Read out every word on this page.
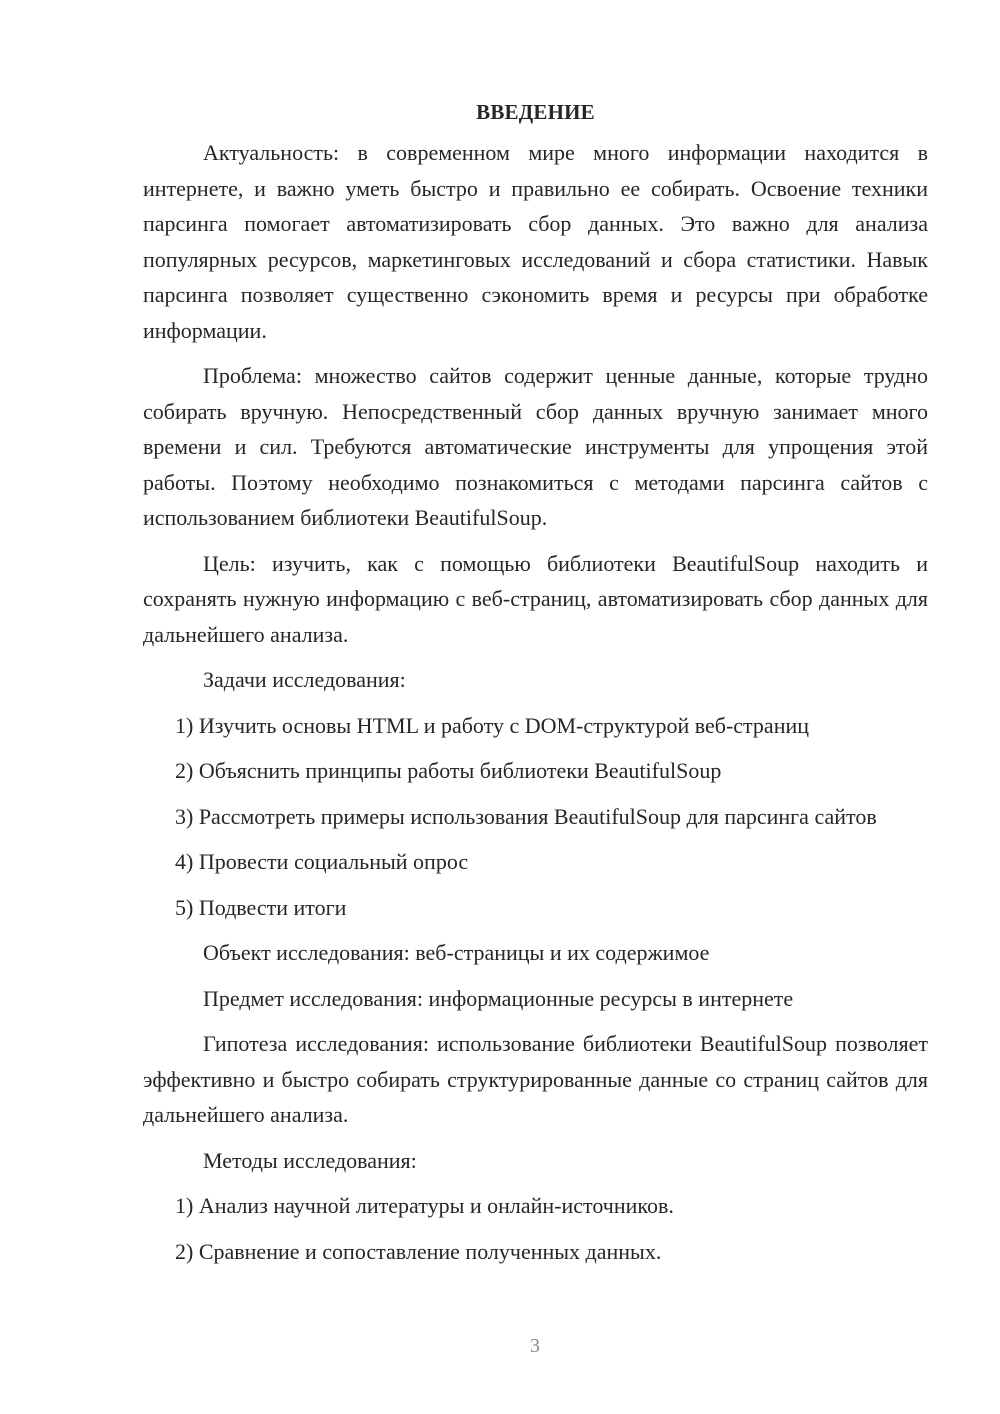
ВВЕДЕНИЕ

Актуальность: в современном мире много информации находится в интернете, и важно уметь быстро и правильно ее собирать. Освоение техники парсинга помогает автоматизировать сбор данных. Это важно для анализа популярных ресурсов, маркетинговых исследований и сбора статистики. Навык парсинга позволяет существенно сэкономить время и ресурсы при обработке информации.

Проблема: множество сайтов содержит ценные данные, которые трудно собирать вручную. Непосредственный сбор данных вручную занимает много времени и сил. Требуются автоматические инструменты для упрощения этой работы. Поэтому необходимо познакомиться с методами парсинга сайтов с использованием библиотеки BeautifulSoup.

Цель: изучить, как с помощью библиотеки BeautifulSoup находить и сохранять нужную информацию с веб-страниц, автоматизировать сбор данных для дальнейшего анализа.

Задачи исследования:

1) Изучить основы HTML и работу с DOM-структурой веб-страниц

2) Объяснить принципы работы библиотеки BeautifulSoup

3) Рассмотреть примеры использования BeautifulSoup для парсинга сайтов

4) Провести социальный опрос

5) Подвести итоги

Объект исследования: веб-страницы и их содержимое

Предмет исследования: информационные ресурсы в интернете

Гипотеза исследования: использование библиотеки BeautifulSoup позволяет эффективно и быстро собирать структурированные данные со страниц сайтов для дальнейшего анализа.

Методы исследования:

1) Анализ научной литературы и онлайн-источников.

2) Сравнение и сопоставление полученных данных.

3
